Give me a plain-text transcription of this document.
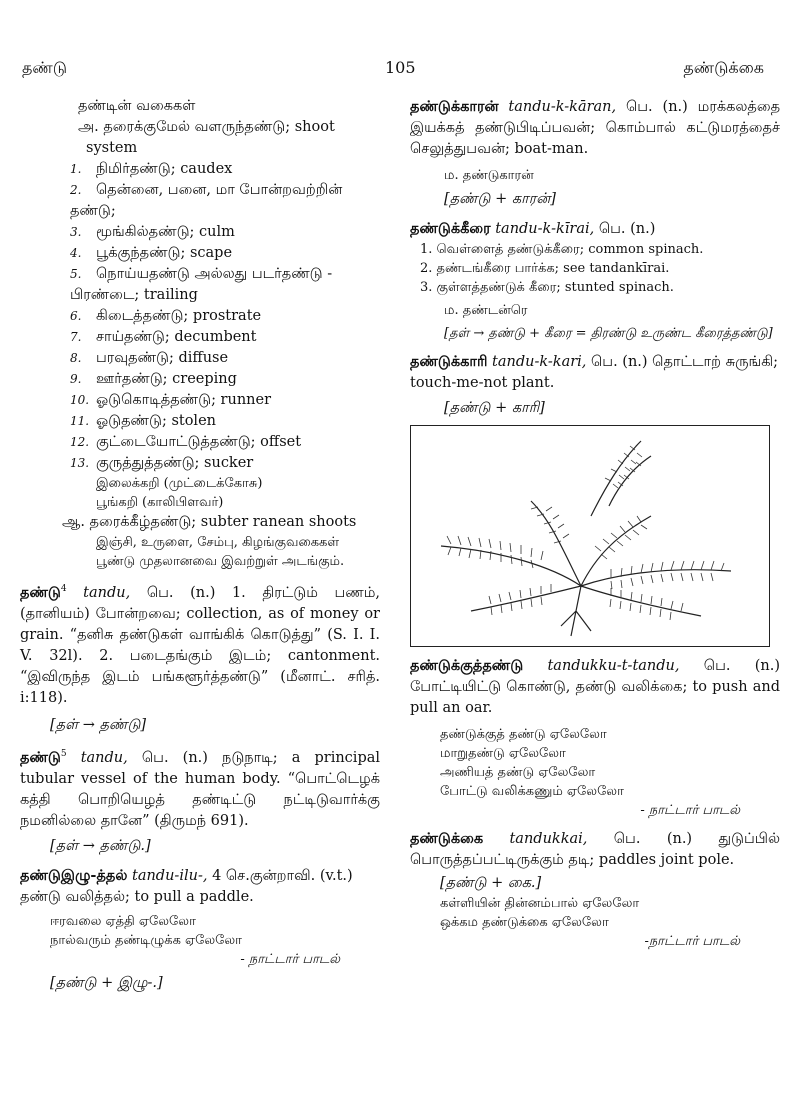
தண்டு	105	தண்டுக்கை

தண்டின் வகைகள்

அ. தரைக்குமேல் வளருந்தண்டு; shoot system

1. நிமிர்தண்டு; caudex

2. தென்னை, பனை, மா போன்றவற்றின் தண்டு;

3. மூங்கில்தண்டு; culm

4. பூக்குந்தண்டு; scape

5. நொய்யதண்டு அல்லது படர்தண்டு - பிரண்டை; trailing

6. கிடைத்தண்டு; prostrate

7. சாய்தண்டு; decumbent

8. பரவுதண்டு; diffuse

9. ஊர்தண்டு; creeping

10. ஓடுகொடித்தண்டு; runner

11. ஓடுதண்டு; stolen

12. குட்டையோட்டுத்தண்டு; offset

13. குருத்துத்தண்டு; sucker

இலைக்கறி (முட்டைக்கோசு)

பூங்கறி (காலிபிளவர்)

ஆ. தரைக்கீழ்தண்டு; subter ranean shoots

இஞ்சி, உருளை, சேம்பு, கிழங்குவகைகள் பூண்டு முதலானவை இவற்றுள் அடங்கும்.

தண்டு$^4$ tandu, பெ. (n.) 1. திரட்டும் பணம், (தானியம்) போன்றவை; collection, as of money or grain. “தனிசு தண்டுகள் வாங்கிக் கொடுத்து” (S. I. I. V. 32l). 2. படைதங்கும் இடம்; cantonment. “இவிருந்த இடம் பங்களூர்த்தண்டு” (மீனாட். சரித். i:118).

[தள் → தண்டு]

தண்டு$^5$ tandu, பெ. (n.) நடுநாடி; a principal tubular vessel of the human body. “பொட்டெழக் கத்தி பொறியெழத் தண்டிட்டு நட்டிடுவார்க்கு நமனில்லை தானே” (திருமந் 691).

[தள் → தண்டு.]

தண்டுஇழு-த்தல் tandu-ilu-, 4 செ.குன்றாவி. (v.t.) தண்டு வலித்தல்; to pull a paddle.

ஈரவலை ஏத்தி ஏலேலோ

நால்வரும் தண்டிழுக்க ஏலேலோ

- நாட்டார் பாடல்

[தண்டு + இழு-.]

தண்டுக்காரன் tandu-k-kāran, பெ. (n.) மரக்கலத்தை இயக்கத் தண்டுபிடிப்பவன்; கொம்பால் கட்டுமரத்தைச் செலுத்துபவன்; boat-man.

ம. தண்டுகாரன்

[தண்டு + காரன்]

தண்டுக்கீரை tandu-k-kīrai, பெ. (n.)

1. வெள்ளைத் தண்டுக்கீரை; common spinach.

2. தண்டங்கீரை பார்க்க; see tandankīrai.

3. குள்ளத்தண்டுக் கீரை; stunted spinach.

ம. தண்டன்ரெ

[தள் → தண்டு + கீரை = திரண்டு உருண்ட கீரைத்தண்டு]

தண்டுக்காரி tandu-k-kari, பெ. (n.) தொட்டாற் சுருங்கி; touch-me-not plant.

[தண்டு + காரி]

தண்டுக்குத்தண்டு tandukku-t-tandu, பெ. (n.) போட்டியிட்டு கொண்டு, தண்டு வலிக்கை; to push and pull an oar.

தண்டுக்குத் தண்டு ஏலேலோ

மாறுதண்டு ஏலேலோ

அணியத் தண்டு ஏலேலோ

போட்டு வலிக்கணும் ஏலேலோ

- நாட்டார் பாடல்

தண்டுக்கை tandukkai, பெ. (n.) துடுப்பில் பொருத்தப்பட்டிருக்கும் தடி; paddles joint pole.

[தண்டு + கை.]

கள்ளியின் தின்னம்பால் ஏலேலோ

ஒக்கம தண்டுக்கை ஏலேலோ

-நாட்டார் பாடல்
